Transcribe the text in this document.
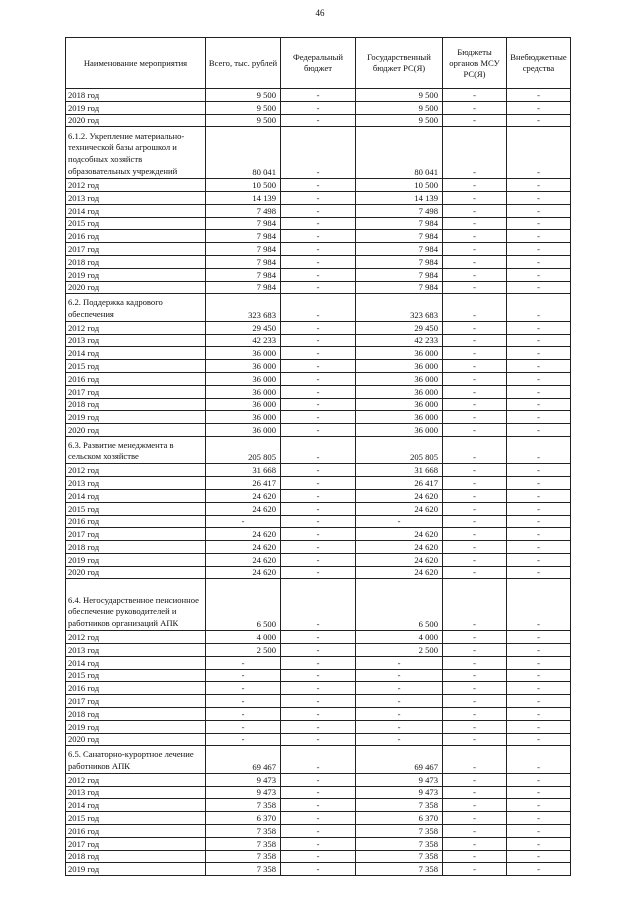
46
Наименование мероприятия	Всего, тыс. рублей	Федеральный бюджет	Государственный бюджет РС(Я)	Бюджеты органов МСУ РС(Я)	Внебюджетные средства
2018 год	9 500	-	9 500	-	-
2019 год	9 500	-	9 500	-	-
2020 год	9 500	-	9 500	-	-
6.1.2. Укрепление материально-технической базы агрошкол и подсобных хозяйств образовательных учреждений	80 041	-	80 041	-	-
2012 год	10 500	-	10 500	-	-
2013 год	14 139	-	14 139	-	-
2014 год	7 498	-	7 498	-	-
2015 год	7 984	-	7 984	-	-
2016 год	7 984	-	7 984	-	-
2017 год	7 984	-	7 984	-	-
2018 год	7 984	-	7 984	-	-
2019 год	7 984	-	7 984	-	-
2020 год	7 984	-	7 984	-	-
6.2. Поддержка кадрового обеспечения	323 683	-	323 683	-	-
2012 год	29 450	-	29 450	-	-
2013 год	42 233	-	42 233	-	-
2014 год	36 000	-	36 000	-	-
2015 год	36 000	-	36 000	-	-
2016 год	36 000	-	36 000	-	-
2017 год	36 000	-	36 000	-	-
2018 год	36 000	-	36 000	-	-
2019 год	36 000	-	36 000	-	-
2020 год	36 000	-	36 000	-	-
6.3. Развитие менеджмента в сельском хозяйстве	205 805	-	205 805	-	-
2012 год	31 668	-	31 668	-	-
2013 год	26 417	-	26 417	-	-
2014 год	24 620	-	24 620	-	-
2015 год	24 620	-	24 620	-	-
2016 год	-	-	-	-	-
2017 год	24 620	-	24 620	-	-
2018 год	24 620	-	24 620	-	-
2019 год	24 620	-	24 620	-	-
2020 год	24 620	-	24 620	-	-
6.4. Негосударственное пенсионное обеспечение руководителей и работников организаций АПК	6 500	-	6 500	-	-
2012 год	4 000	-	4 000	-	-
2013 год	2 500	-	2 500	-	-
2014 год	-	-	-	-	-
2015 год	-	-	-	-	-
2016 год	-	-	-	-	-
2017 год	-	-	-	-	-
2018 год	-	-	-	-	-
2019 год	-	-	-	-	-
2020 год	-	-	-	-	-
6.5. Санаторно-курортное лечение работников АПК	69 467	-	69 467	-	-
2012 год	9 473	-	9 473	-	-
2013 год	9 473	-	9 473	-	-
2014 год	7 358	-	7 358	-	-
2015 год	6 370	-	6 370	-	-
2016 год	7 358	-	7 358	-	-
2017 год	7 358	-	7 358	-	-
2018 год	7 358	-	7 358	-	-
2019 год	7 358	-	7 358	-	-
